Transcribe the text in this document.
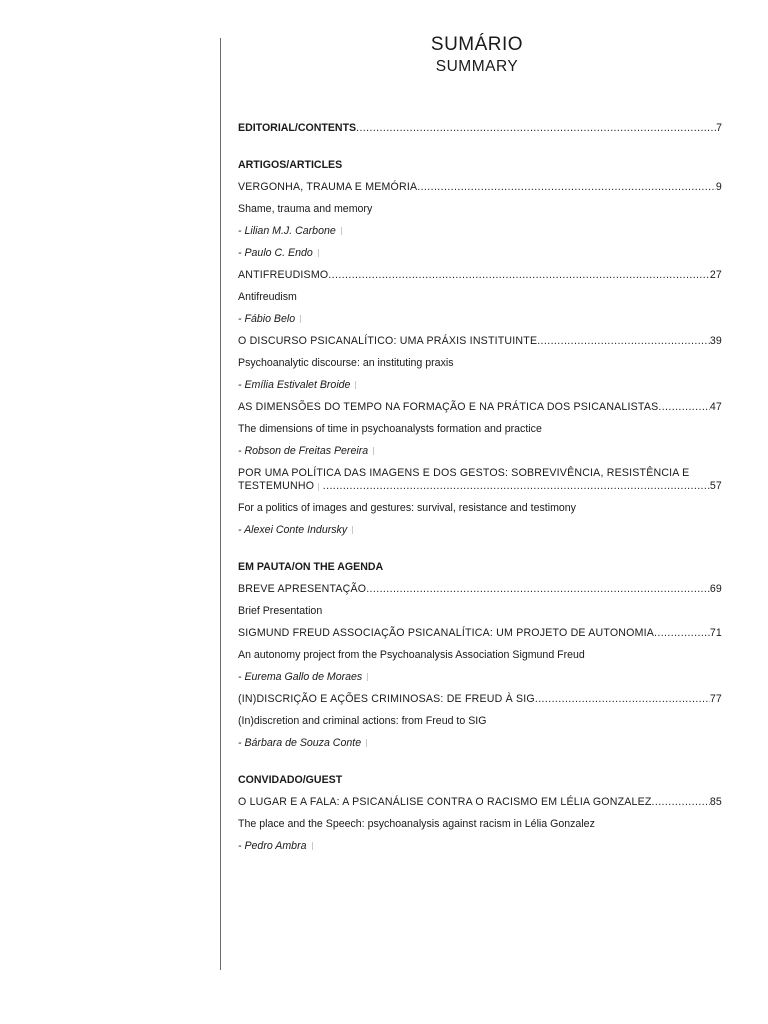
SUMÁRIO
SUMMARY
EDITORIAL/CONTENTS .....	7
ARTIGOS/ARTICLES
VERGONHA, TRAUMA E MEMÓRIA .....	9
Shame, trauma and memory
- Lilian M.J. Carbone
- Paulo C. Endo
ANTIFREUDISMO .....	27
Antifreudism
- Fábio Belo
O DISCURSO PSICANALÍTICO: UMA PRÁXIS INSTITUINTE .....	39
Psychoanalytic discourse: an instituting praxis
- Emília Estivalet Broide
AS DIMENSÕES DO TEMPO NA FORMAÇÃO E NA PRÁTICA DOS PSICANALISTAS .....	47
The dimensions of time in psychoanalysts formation and practice
- Robson de Freitas Pereira
POR UMA POLÍTICA DAS IMAGENS E DOS GESTOS: SOBREVIVÊNCIA, RESISTÊNCIA E
TESTEMUNHO .....	57
For a politics of images and gestures: survival, resistance and testimony
- Alexei Conte Indursky
EM PAUTA/ON THE AGENDA
BREVE APRESENTAÇÃO .....	69
Brief Presentation
SIGMUND FREUD ASSOCIAÇÃO PSICANALÍTICA: UM PROJETO DE AUTONOMIA .....	71
An autonomy project from the Psychoanalysis Association Sigmund Freud
- Eurema Gallo de Moraes
(IN)DISCRIÇÃO E AÇÕES CRIMINOSAS: DE FREUD À SIG .....	77
(In)discretion and criminal actions: from Freud to SIG
- Bárbara de Souza Conte
CONVIDADO/GUEST
O LUGAR E A FALA: A PSICANÁLISE CONTRA O RACISMO EM LÉLIA GONZALEZ .....	85
The place and the Speech: psychoanalysis against racism in Lélia Gonzalez
- Pedro Ambra
